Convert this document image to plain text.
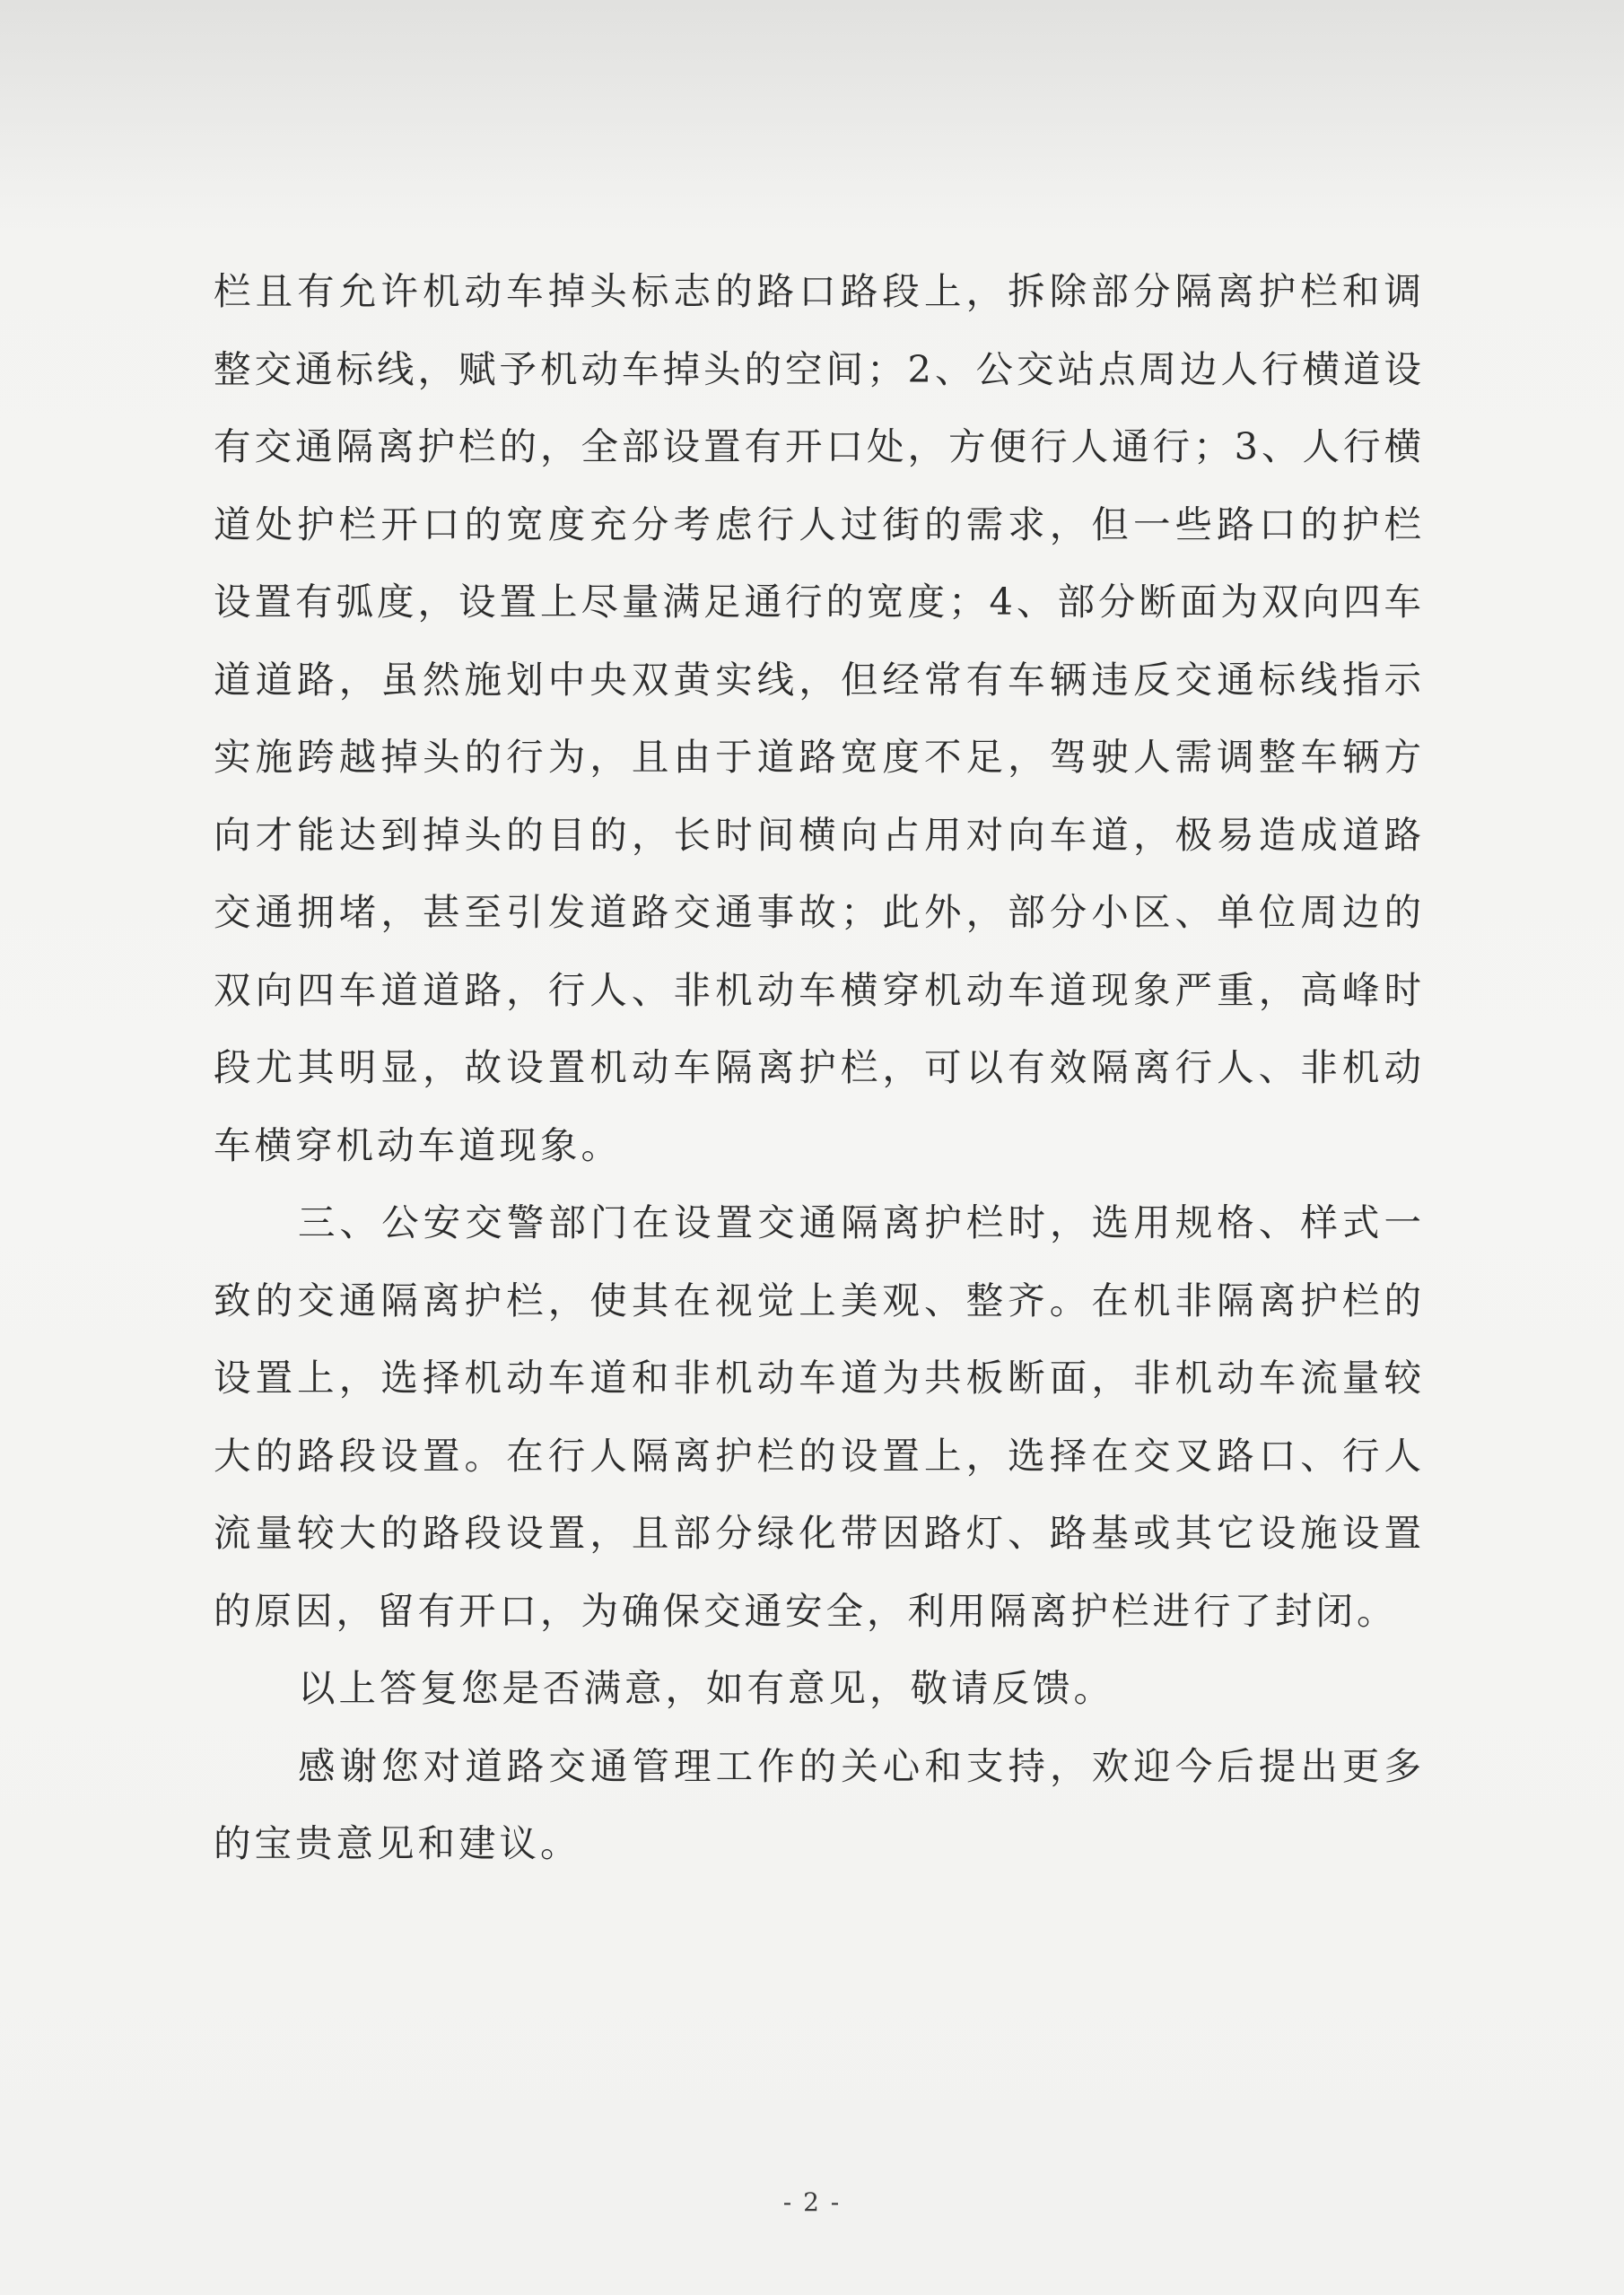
栏且有允许机动车掉头标志的路口路段上，拆除部分隔离护栏和调整交通标线，赋予机动车掉头的空间；2、公交站点周边人行横道设有交通隔离护栏的，全部设置有开口处，方便行人通行；3、人行横道处护栏开口的宽度充分考虑行人过街的需求，但一些路口的护栏设置有弧度，设置上尽量满足通行的宽度；4、部分断面为双向四车道道路，虽然施划中央双黄实线，但经常有车辆违反交通标线指示实施跨越掉头的行为，且由于道路宽度不足，驾驶人需调整车辆方向才能达到掉头的目的，长时间横向占用对向车道，极易造成道路交通拥堵，甚至引发道路交通事故；此外，部分小区、单位周边的双向四车道道路，行人、非机动车横穿机动车道现象严重，高峰时段尤其明显，故设置机动车隔离护栏，可以有效隔离行人、非机动车横穿机动车道现象。

三、公安交警部门在设置交通隔离护栏时，选用规格、样式一致的交通隔离护栏，使其在视觉上美观、整齐。在机非隔离护栏的设置上，选择机动车道和非机动车道为共板断面，非机动车流量较大的路段设置。在行人隔离护栏的设置上，选择在交叉路口、行人流量较大的路段设置，且部分绿化带因路灯、路基或其它设施设置的原因，留有开口，为确保交通安全，利用隔离护栏进行了封闭。

以上答复您是否满意，如有意见，敬请反馈。

感谢您对道路交通管理工作的关心和支持，欢迎今后提出更多的宝贵意见和建议。

- 2 -
